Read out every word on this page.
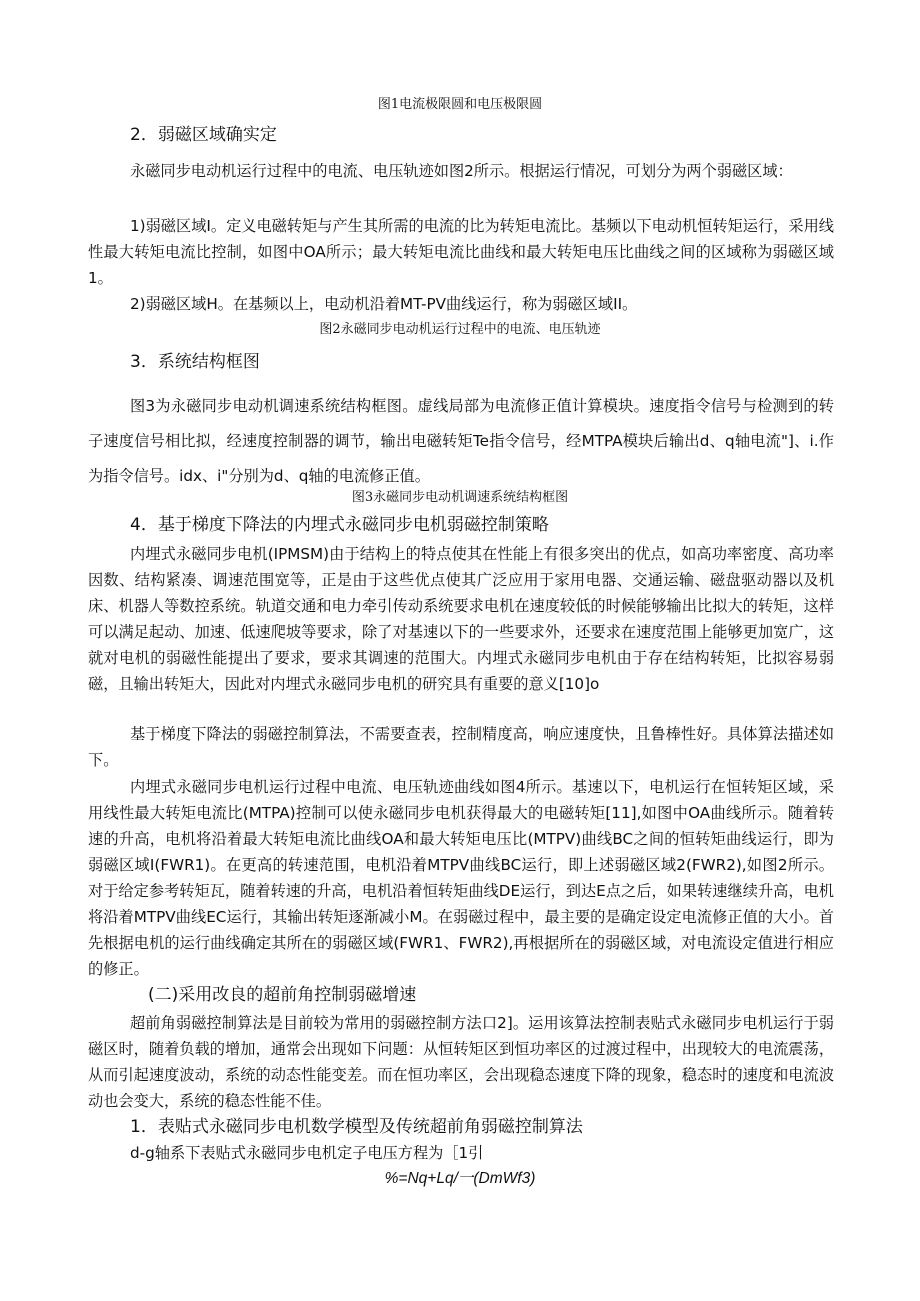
图1电流极限圆和电压极限圆
2．弱磁区域确实定

永磁同步电动机运行过程中的电流、电压轨迹如图2所示。根据运行情况，可划分为两个弱磁区域：

1)弱磁区域I。定义电磁转矩与产生其所需的电流的比为转矩电流比。基频以下电动机恒转矩运行，采用线性最大转矩电流比控制，如图中OA所示；最大转矩电流比曲线和最大转矩电压比曲线之间的区域称为弱磁区域1。

2)弱磁区域H。在基频以上，电动机沿着MT-PV曲线运行，称为弱磁区域II。

图2永磁同步电动机运行过程中的电流、电压轨迹
3．系统结构框图

图3为永磁同步电动机调速系统结构框图。虚线局部为电流修正值计算模块。速度指令信号与检测到的转子速度信号相比拟，经速度控制器的调节，输出电磁转矩Te指令信号，经MTPA模块后输出d、q轴电流"]、i.作为指令信号。idx、i"分别为d、q轴的电流修正值。

图3永磁同步电动机调速系统结构框图
4．基于梯度下降法的内埋式永磁同步电机弱磁控制策略

内埋式永磁同步电机(IPMSM)由于结构上的特点使其在性能上有很多突出的优点，如高功率密度、高功率因数、结构紧凑、调速范围宽等，正是由于这些优点使其广泛应用于家用电器、交通运输、磁盘驱动器以及机床、机器人等数控系统。轨道交通和电力牵引传动系统要求电机在速度较低的时候能够输出比拟大的转矩，这样可以满足起动、加速、低速爬坡等要求，除了对基速以下的一些要求外，还要求在速度范围上能够更加宽广，这就对电机的弱磁性能提出了要求，要求其调速的范围大。内埋式永磁同步电机由于存在结构转矩，比拟容易弱磁，且输出转矩大，因此对内埋式永磁同步电机的研究具有重要的意义[10]o

基于梯度下降法的弱磁控制算法，不需要查表，控制精度高，响应速度快，且鲁棒性好。具体算法描述如下。

内埋式永磁同步电机运行过程中电流、电压轨迹曲线如图4所示。基速以下，电机运行在恒转矩区域，采用线性最大转矩电流比(MTPA)控制可以使永磁同步电机获得最大的电磁转矩[11],如图中OA曲线所示。随着转速的升高，电机将沿着最大转矩电流比曲线OA和最大转矩电压比(MTPV)曲线BC之间的恒转矩曲线运行，即为弱磁区域I(FWR1)。在更高的转速范围，电机沿着MTPV曲线BC运行，即上述弱磁区域2(FWR2),如图2所示。对于给定参考转矩瓦，随着转速的升高，电机沿着恒转矩曲线DE运行，到达E点之后，如果转速继续升高，电机将沿着MTPV曲线EC运行，其输出转矩逐渐减小M。在弱磁过程中，最主要的是确定设定电流修正值的大小。首先根据电机的运行曲线确定其所在的弱磁区域(FWR1、FWR2),再根据所在的弱磁区域，对电流设定值进行相应的修正。

(二)采用改良的超前角控制弱磁增速

超前角弱磁控制算法是目前较为常用的弱磁控制方法口2]。运用该算法控制表贴式永磁同步电机运行于弱磁区时，随着负载的增加，通常会出现如下问题：从恒转矩区到恒功率区的过渡过程中，出现较大的电流震荡，从而引起速度波动，系统的动态性能变差。而在恒功率区，会出现稳态速度下降的现象，稳态时的速度和电流波动也会变大，系统的稳态性能不佳。

1．表贴式永磁同步电机数学模型及传统超前角弱磁控制算法

d-g轴系下表贴式永磁同步电机定子电压方程为［1引

%=Nq+Lq/一(DmWf3)
